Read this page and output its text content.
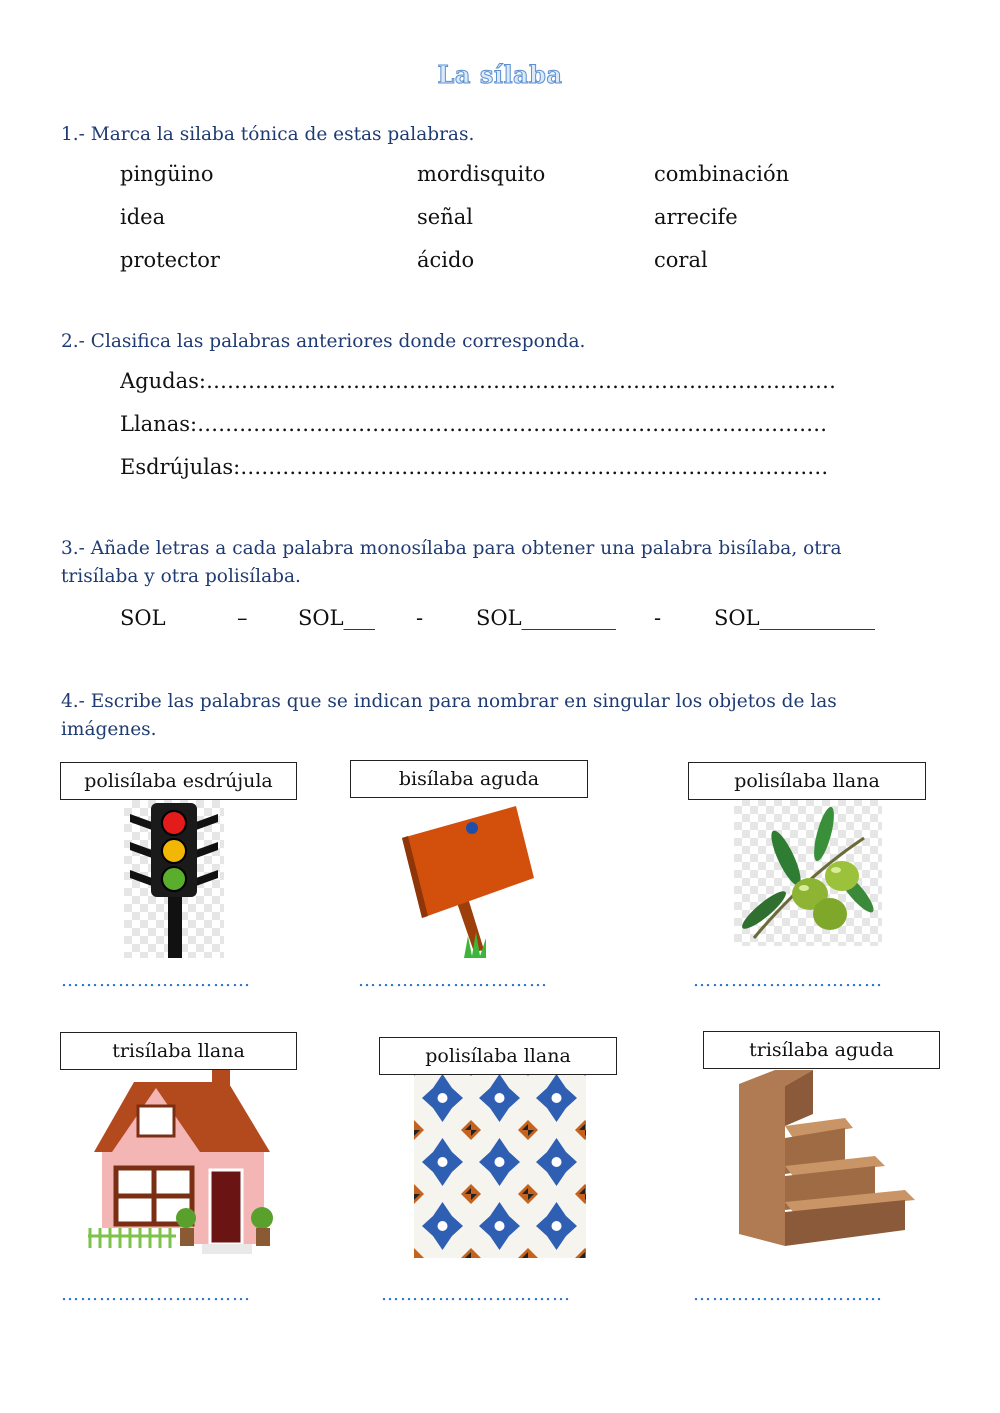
La sílaba
1.- Marca la silaba tónica de estas palabras.
pingüino	mordisquito	combinación
idea	señal	arrecife
protector	ácido	coral
2.- Clasifica las palabras anteriores donde corresponda.
Agudas:………………………………………………………………………………
Llanas:………………………………………………………………………………
Esdrújulas:…………………………………………………………………………
3.- Añade letras a cada palabra monosílaba para obtener una palabra bisílaba, otra
trisílaba y otra polisílaba.
SOL	– SOL___ -	SOL_________ -	SOL___________
4.- Escribe las palabras que se indican para nombrar en singular los objetos de las
imágenes.
polisílaba esdrújula	bisílaba aguda	polisílaba llana
…………………………	…………………………	…………………………
trisílaba llana	polisílaba llana	trisílaba aguda
…………………………	…………………………	…………………………
